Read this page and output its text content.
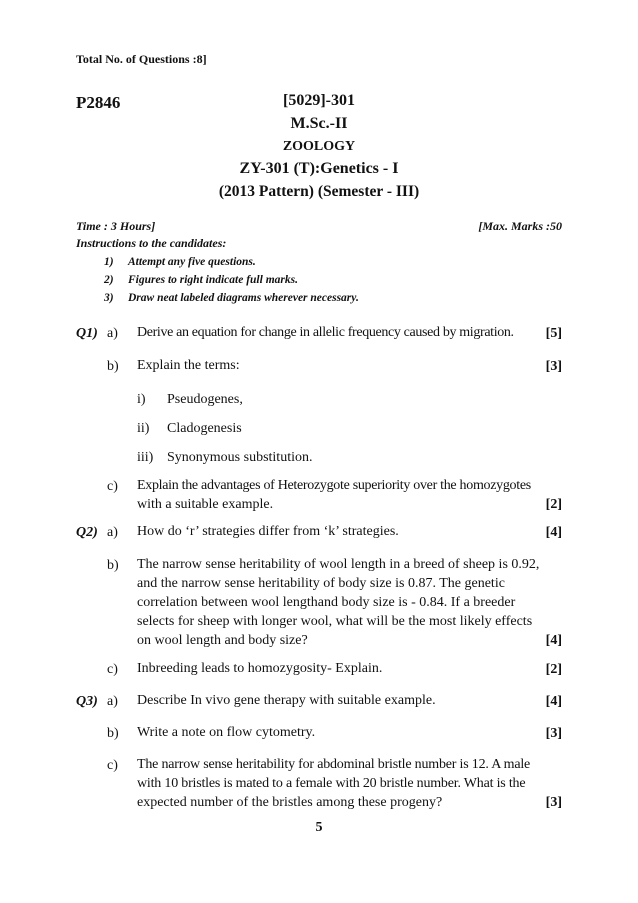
Total No. of Questions :8]
P2846	[5029]-301
M.Sc.-II
ZOOLOGY
ZY-301 (T):Genetics - I
(2013 Pattern) (Semester - III)
Time : 3 Hours]	[Max. Marks :50
Instructions to the candidates:
1) Attempt any five questions.
2) Figures to right indicate full marks.
3) Draw neat labeled diagrams wherever necessary.
Q1) a) Derive an equation for change in allelic frequency caused by migration. [5]
b) Explain the terms:	[3]
i) Pseudogenes,
ii) Cladogenesis
iii) Synonymous substitution.
c) Explain the advantages of Heterozygote superiority over the homozygotes
with a suitable example.	[2]
Q2) a) How do ‘r’ strategies differ from ‘k’ strategies.	[4]
b) The narrow sense heritability of wool length in a breed of sheep is 0.92,
and the narrow sense heritability of body size is 0.87. The genetic
correlation between wool lengthand body size is - 0.84. If a breeder
selects for sheep with longer wool, what will be the most likely effects
on wool length and body size?	[4]
c) Inbreeding leads to homozygosity- Explain.	[2]
Q3) a) Describe In vivo gene therapy with suitable example.	[4]
b) Write a note on flow cytometry.	[3]
c) The narrow sense heritability for abdominal bristle number is 12. A male
with 10 bristles is mated to a female with 20 bristle number. What is the
expected number of the bristles among these progeny?	[3]
5
